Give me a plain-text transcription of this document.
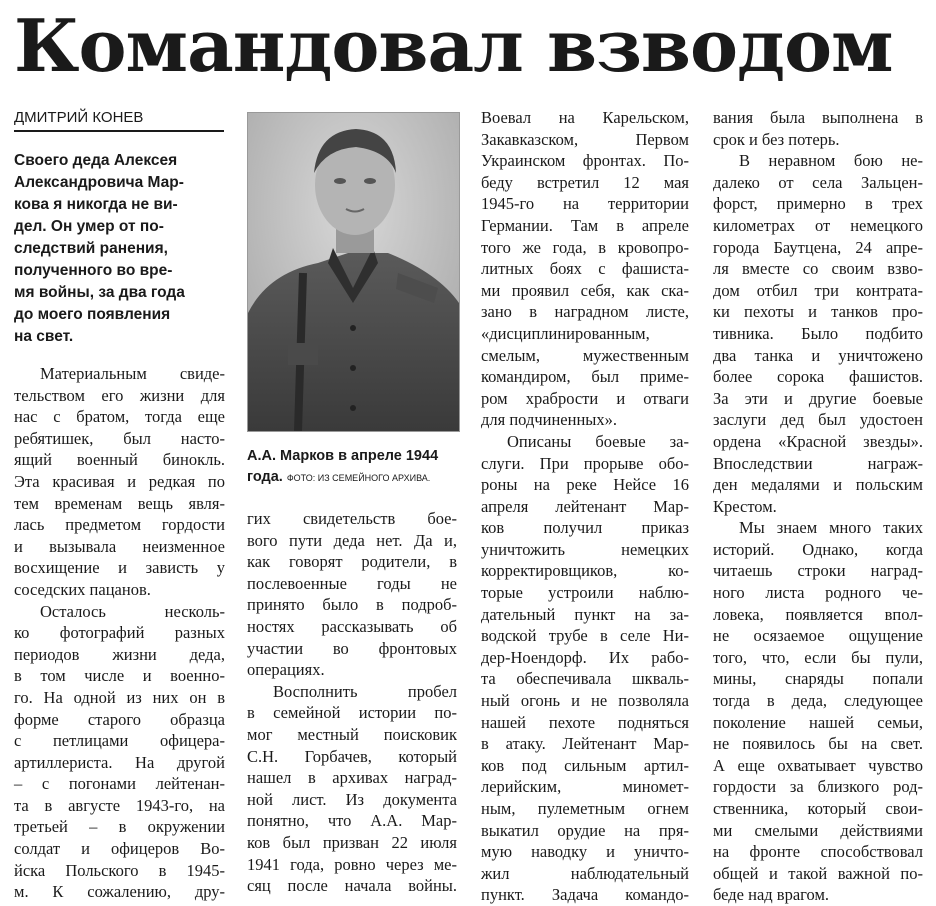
Командовал взводом
ДМИТРИЙ КОНЕВ
Своего деда Алексея
Александровича Мар-
кова я никогда не ви-
дел. Он умер от по-
следствий ранения,
полученного во вре-
мя войны, за два года
до моего появления
на свет.
А.А. Марков в апреле 1944 года. ФОТО: ИЗ СЕМЕЙНОГО АРХИВА.
Материальным свиде-
тельством его жизни для
нас с братом, тогда еще
ребятишек, был насто-
ящий военный бинокль.
Эта красивая и редкая по
тем временам вещь явля-
лась предметом гордости
и вызывала неизменное
восхищение и зависть у
соседских пацанов.
Осталось несколь-
ко фотографий разных
периодов жизни деда,
в том числе и военно-
го. На одной из них он в
форме старого образца
с петлицами офицера-
артиллериста. На другой
– с погонами лейтенан-
та в августе 1943-го, на
третьей – в окружении
солдат и офицеров Во-
йска Польского в 1945-
м. К сожалению, дру-
гих свидетельств бое-
вого пути деда нет. Да и,
как говорят родители, в
послевоенные годы не
принято было в подроб-
ностях рассказывать об
участии во фронтовых
операциях.
Восполнить пробел
в семейной истории по-
мог местный поисковик
С.Н. Горбачев, который
нашел в архивах наград-
ной лист. Из документа
понятно, что А.А. Мар-
ков был призван 22 июля
1941 года, ровно через ме-
сяц после начала войны.
Воевал на Карельском,
Закавказском, Первом
Украинском фронтах. По-
беду встретил 12 мая
1945-го на территории
Германии. Там в апреле
того же года, в кровопро-
литных боях с фашиста-
ми проявил себя, как ска-
зано в наградном листе,
«дисциплинированным,
смелым, мужественным
командиром, был приме-
ром храбрости и отваги
для подчиненных».
Описаны боевые за-
слуги. При прорыве обо-
роны на реке Нейсе 16
апреля лейтенант Мар-
ков получил приказ
уничтожить немецких
корректировщиков, ко-
торые устроили наблю-
дательный пункт на за-
водской трубе в селе Ни-
дер-Ноендорф. Их рабо-
та обеспечивала шкваль-
ный огонь и не позволяла
нашей пехоте подняться
в атаку. Лейтенант Мар-
ков под сильным артил-
лерийским, миномет-
ным, пулеметным огнем
выкатил орудие на пря-
мую наводку и уничто-
жил наблюдательный
пункт. Задача командо-
вания была выполнена в
срок и без потерь.
В неравном бою не-
далеко от села Зальцен-
форст, примерно в трех
километрах от немецкого
города Баутцена, 24 апре-
ля вместе со своим взво-
дом отбил три контрата-
ки пехоты и танков про-
тивника. Было подбито
два танка и уничтожено
более сорока фашистов.
За эти и другие боевые
заслуги дед был удостоен
ордена «Красной звезды».
Впоследствии награж-
ден медалями и польским
Крестом.
Мы знаем много таких
историй. Однако, когда
читаешь строки наград-
ного листа родного че-
ловека, появляется впол-
не осязаемое ощущение
того, что, если бы пули,
мины, снаряды попали
тогда в деда, следующее
поколение нашей семьи,
не появилось бы на свет.
А еще охватывает чувство
гордости за близкого род-
ственника, который свои-
ми смелыми действиями
на фронте способствовал
общей и такой важной по-
беде над врагом.
